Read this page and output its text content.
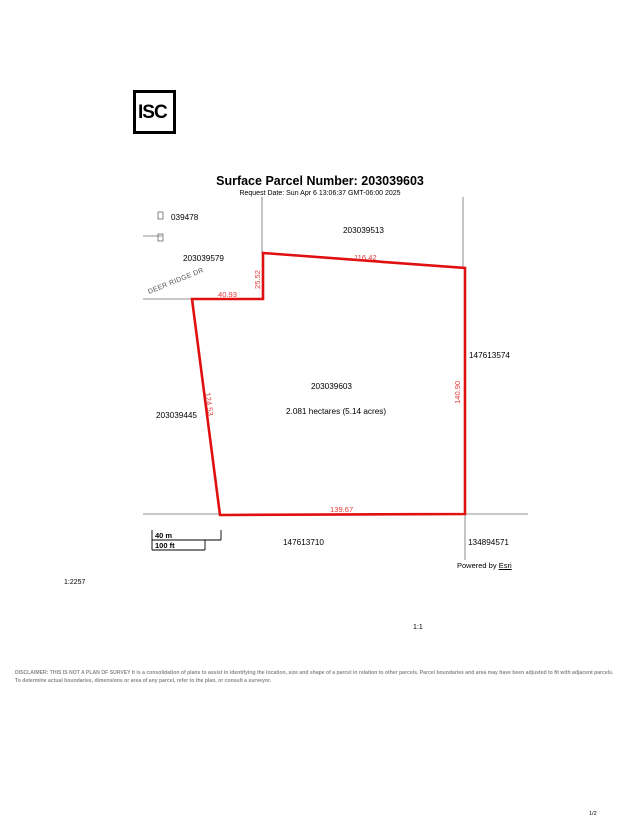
ISC
Surface Parcel Number: 203039603
Request Date: Sun Apr 6 13:06:37 GMT-06:00 2025
039478
203039513
203039579
147613574
203039603
2.081 hectares (5.14 acres)
203039445
147613710	134894571
DEER RIDGE DR
116.42
25.52
40.93
124.53	140.90
139.67
40 m
100 ft
Powered by Esri
1:2257
1:1
DISCLAIMER: THIS IS NOT A PLAN OF SURVEY It is a consolidation of plans to assist in identifying the location, size and shape of a parcel in relation to other parcels. Parcel boundaries and area may have been adjusted to fit with adjacent parcels. To determine actual boundaries, dimensions or area of any parcel, refer to the plan, or consult a surveyor.
1/2
